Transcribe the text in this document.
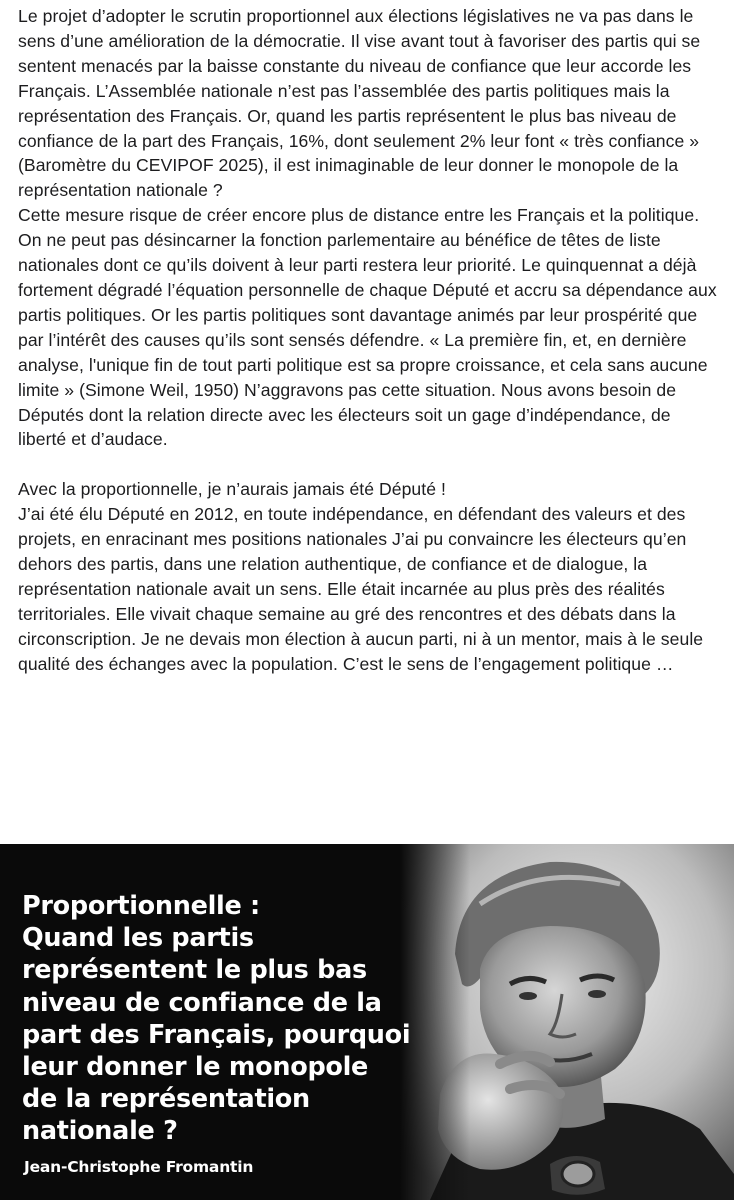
Le projet d’adopter le scrutin proportionnel aux élections législatives ne va pas dans le sens d’une amélioration de la démocratie. Il vise avant tout à favoriser des partis qui se sentent menacés par la baisse constante du niveau de confiance que leur accorde les Français. L’Assemblée nationale n’est pas l’assemblée des partis politiques mais la représentation des Français. Or, quand les partis représentent le plus bas niveau de confiance de la part des Français, 16%, dont seulement 2% leur font « très confiance » (Baromètre du CEVIPOF 2025), il est inimaginable de leur donner le monopole de la représentation nationale ?

Cette mesure risque de créer encore plus de distance entre les Français et la politique.

On ne peut pas désincarner la fonction parlementaire au bénéfice de têtes de liste nationales dont ce qu’ils doivent à leur parti restera leur priorité. Le quinquennat a déjà fortement dégradé l’équation personnelle de chaque Député et accru sa dépendance aux partis politiques. Or les partis politiques sont davantage animés par leur prospérité que par l’intérêt des causes qu’ils sont sensés défendre. « La première fin, et, en dernière analyse, l'unique fin de tout parti politique est sa propre croissance, et cela sans aucune limite » (Simone Weil, 1950) N’aggravons pas cette situation. Nous avons besoin de Députés dont la relation directe avec les électeurs soit un gage d’indépendance, de liberté et d’audace.

Avec la proportionnelle, je n’aurais jamais été Député !

J’ai été élu Député en 2012, en toute indépendance, en défendant des valeurs et des projets, en enracinant mes positions nationales J’ai pu convaincre les électeurs qu’en dehors des partis, dans une relation authentique, de confiance et de dialogue, la représentation nationale avait un sens. Elle était incarnée au plus près des réalités territoriales. Elle vivait chaque semaine au gré des rencontres et des débats dans la circonscription. Je ne devais mon élection à aucun parti, ni à un mentor, mais à le seule qualité des échanges avec la population. C’est le sens de l’engagement politique …

Proportionnelle :
Quand les partis
représentent le plus bas
niveau de confiance de la
part des Français, pourquoi
leur donner le monopole
de la représentation
nationale ?
Jean-Christophe Fromantin
